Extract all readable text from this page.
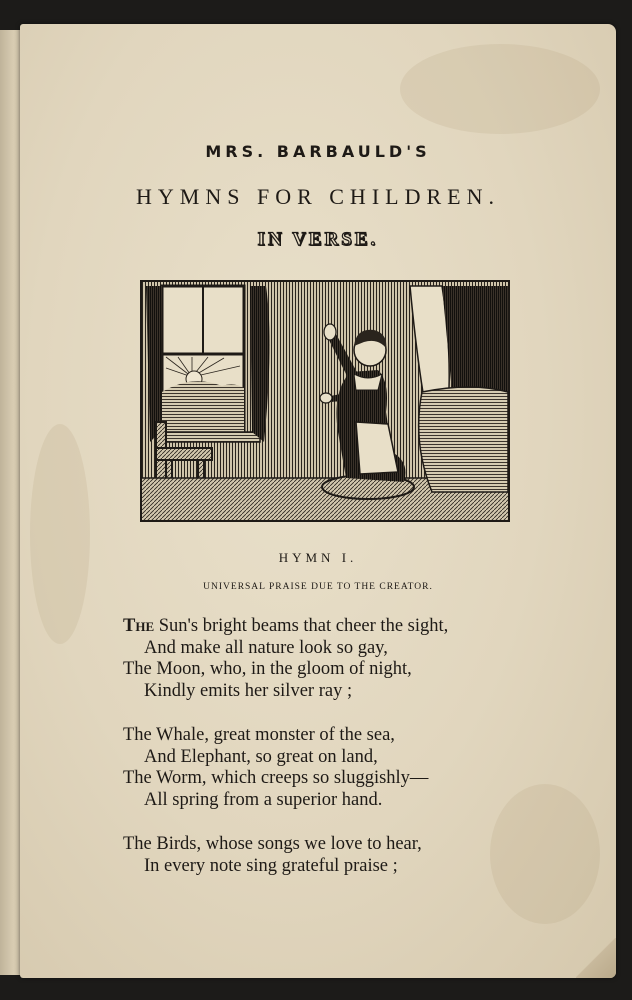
MRS. BARBAULD'S
HYMNS FOR CHILDREN.
IN VERSE.
HYMN I.
UNIVERSAL PRAISE DUE TO THE CREATOR.
The Sun's bright beams that cheer the sight,
And make all nature look so gay,
The Moon, who, in the gloom of night,
Kindly emits her silver ray ;
The Whale, great monster of the sea,
And Elephant, so great on land,
The Worm, which creeps so sluggishly—
All spring from a superior hand.
The Birds, whose songs we love to hear,
In every note sing grateful praise ;
